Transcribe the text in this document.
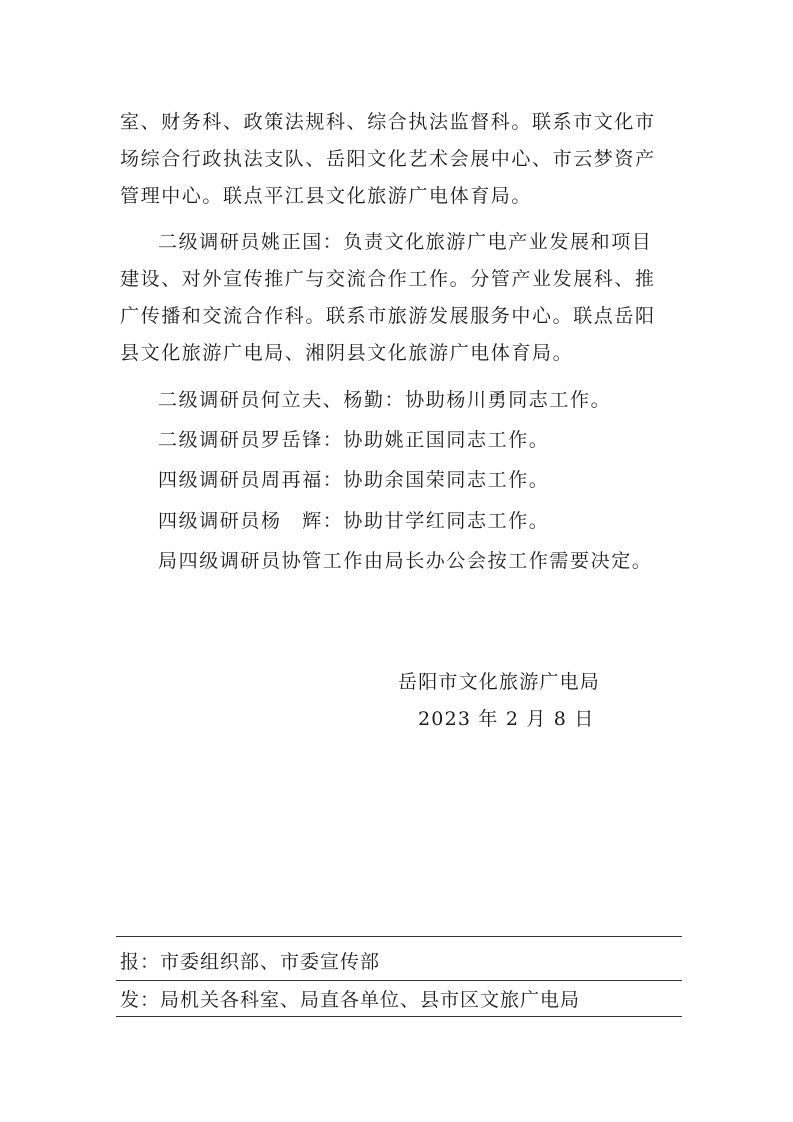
室、财务科、政策法规科、综合执法监督科。联系市文化市
场综合行政执法支队、岳阳文化艺术会展中心、市云梦资产
管理中心。联点平江县文化旅游广电体育局。
二级调研员姚正国：负责文化旅游广电产业发展和项目
建设、对外宣传推广与交流合作工作。分管产业发展科、推
广传播和交流合作科。联系市旅游发展服务中心。联点岳阳
县文化旅游广电局、湘阴县文化旅游广电体育局。
二级调研员何立夫、杨勤：协助杨川勇同志工作。
二级调研员罗岳锋：协助姚正国同志工作。
四级调研员周再福：协助余国荣同志工作。
四级调研员杨　辉：协助甘学红同志工作。
局四级调研员协管工作由局长办公会按工作需要决定。
岳阳市文化旅游广电局
2023 年 2 月 8 日
报：市委组织部、市委宣传部
发：局机关各科室、局直各单位、县市区文旅广电局
